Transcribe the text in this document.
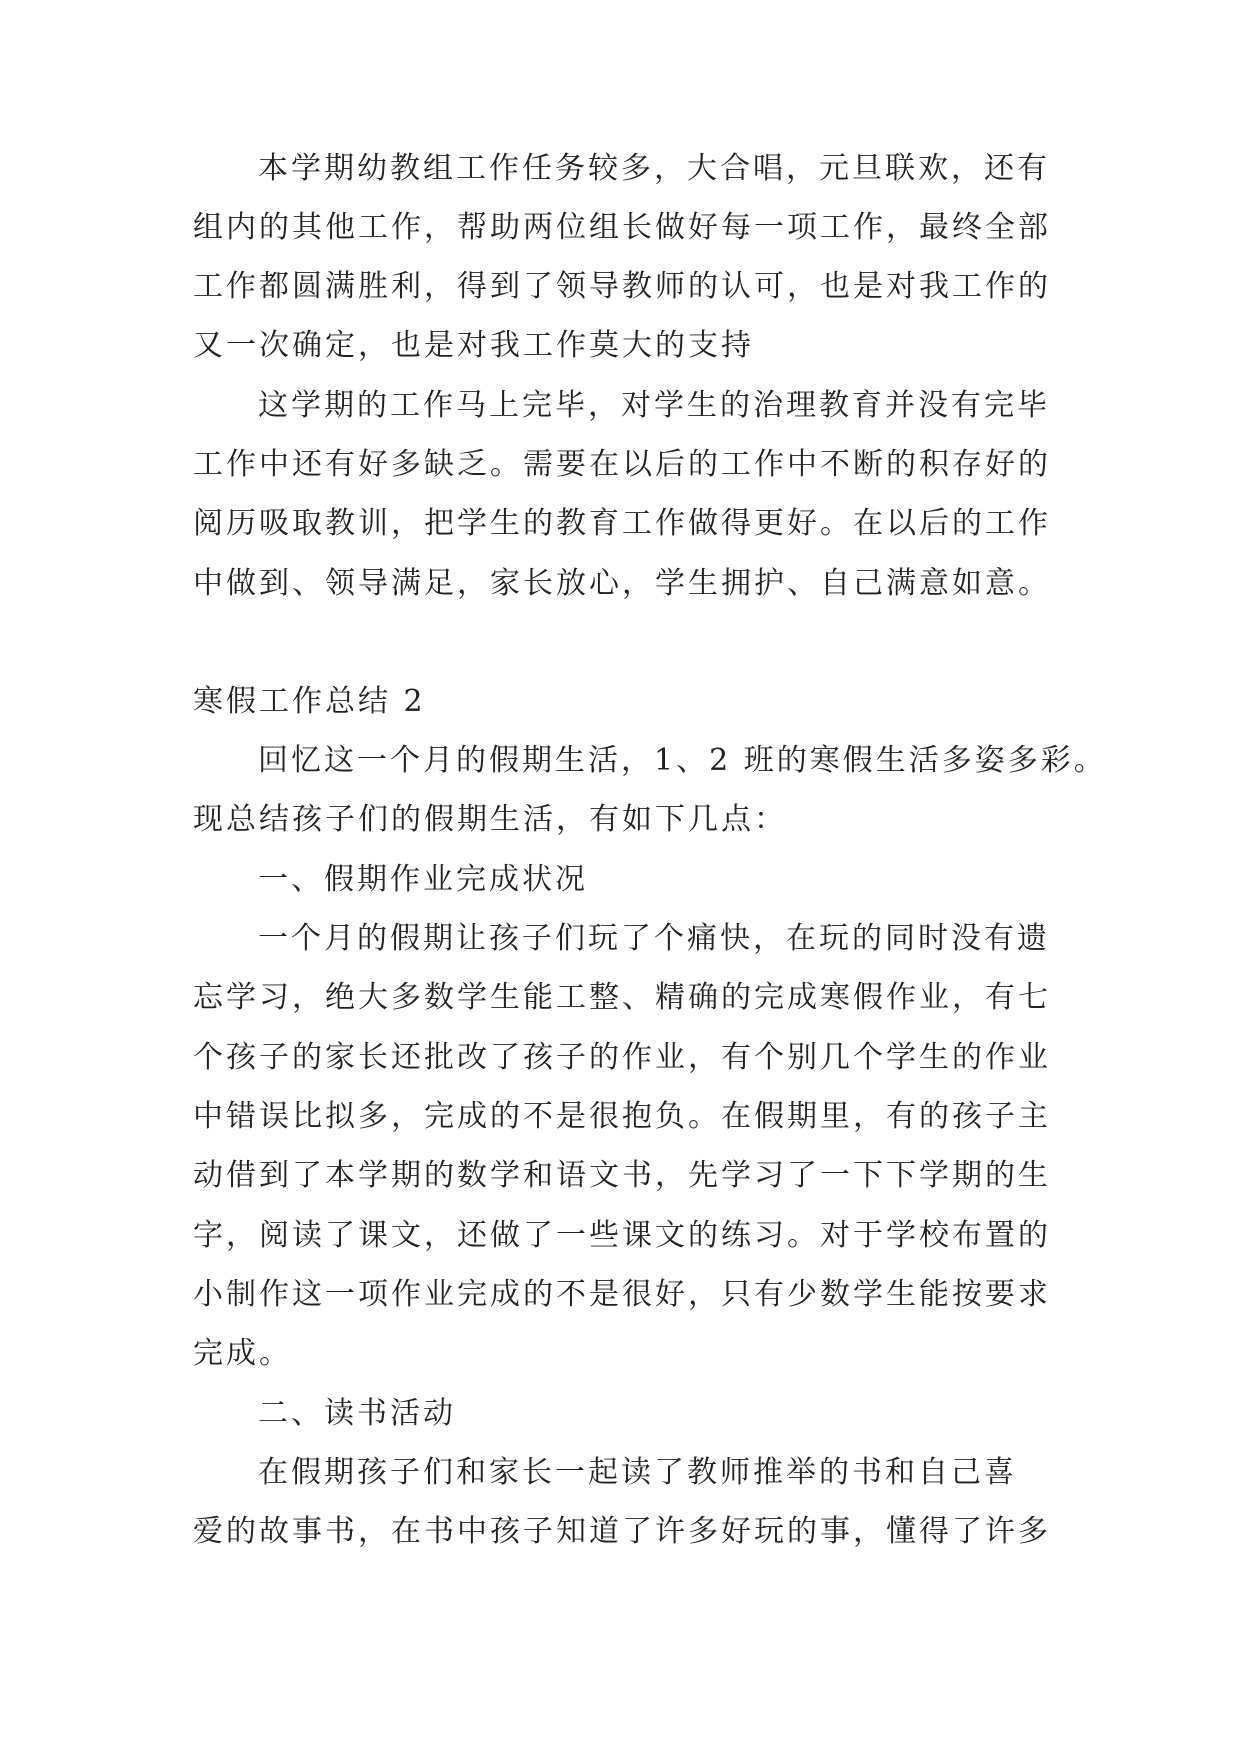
本学期幼教组工作任务较多，大合唱，元旦联欢，还有
组内的其他工作，帮助两位组长做好每一项工作，最终全部
工作都圆满胜利，得到了领导教师的认可，也是对我工作的
又一次确定，也是对我工作莫大的支持
这学期的工作马上完毕，对学生的治理教育并没有完毕
工作中还有好多缺乏。需要在以后的工作中不断的积存好的
阅历吸取教训，把学生的教育工作做得更好。在以后的工作
中做到、领导满足，家长放心，学生拥护、自己满意如意。
寒假工作总结 2
回忆这一个月的假期生活，1、2 班的寒假生活多姿多彩。
现总结孩子们的假期生活，有如下几点：
一、假期作业完成状况
一个月的假期让孩子们玩了个痛快，在玩的同时没有遗
忘学习，绝大多数学生能工整、精确的完成寒假作业，有七
个孩子的家长还批改了孩子的作业，有个别几个学生的作业
中错误比拟多，完成的不是很抱负。在假期里，有的孩子主
动借到了本学期的数学和语文书，先学习了一下下学期的生
字，阅读了课文，还做了一些课文的练习。对于学校布置的
小制作这一项作业完成的不是很好，只有少数学生能按要求
完成。
二、读书活动
在假期孩子们和家长一起读了教师推举的书和自己喜
爱的故事书，在书中孩子知道了许多好玩的事，懂得了许多
